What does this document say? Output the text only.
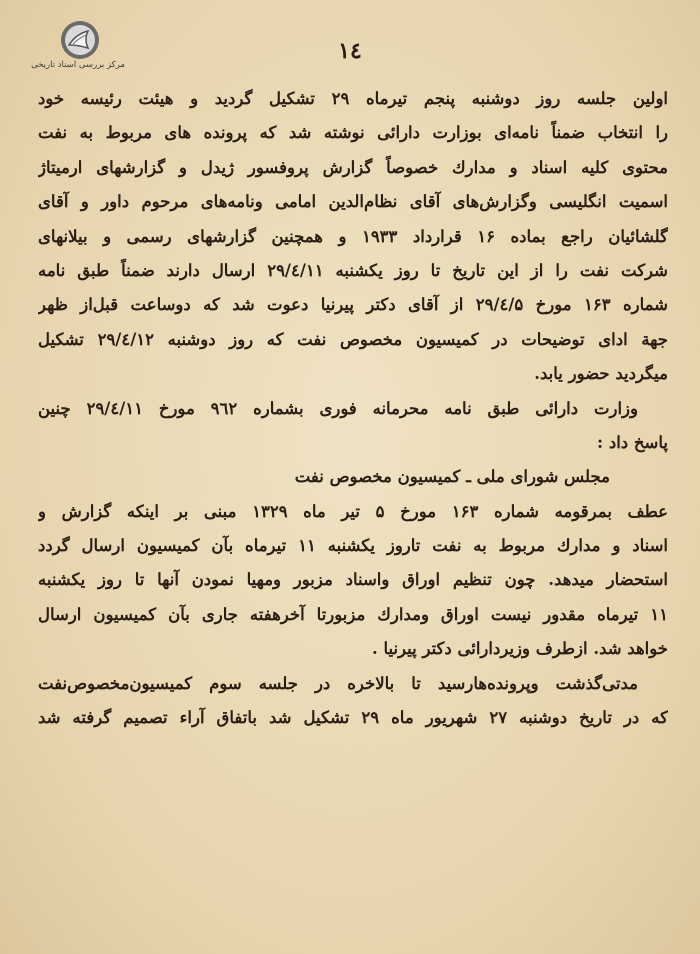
مرکز بررسی اسناد تاریخی
۱٤
اولین جلسه روز دوشنبه پنجم تیرماه ۲۹ تشکیل گردید و هیئت رئیسه خود
را انتخاب ضمناً نامه‌ای بوزارت دارائی نوشته شد که پرونده های مربوط به نفت
محتوی کلیه اسناد و مدارك خصوصاً گزارش پروفسور ژیدل و گزارشهای ارمیتاژ
اسمیت انگلیسی وگزارش‌های آقای نظام‌الدین امامی ونامه‌های مرحوم داور و آقای
گلشائیان راجع بماده ۱۶ قرارداد ۱۹۳۳ و همچنین گزارشهای رسمی و بیلانهای
شرکت نفت را از این تاریخ تا روز یکشنبه ۲۹/٤/۱۱ ارسال دارند ضمناً طبق نامه
شماره ۱۶۳ مورخ ۲۹/٤/۵ از آقای دکتر پیرنیا دعوت شد که دوساعت قبل‌از ظهر
جهة ادای توضیحات در کمیسیون مخصوص نفت که روز دوشنبه ۲۹/٤/۱۲ تشکیل
میگردید حضور یابد.
وزارت دارائی طبق نامه محرمانه فوری بشماره ۹٦۲ مورخ ۲۹/٤/۱۱ چنین
پاسخ داد :
مجلس شورای ملی ـ کمیسیون مخصوص نفت
عطف بمرقومه شماره ۱۶۳ مورخ ۵ تیر ماه ۱۳۲۹ مبنی بر اینکه گزارش و
اسناد و مدارك مربوط به نفت تاروز یکشنبه ۱۱ تیرماه بآن کمیسیون ارسال گردد
استحضار میدهد. چون تنظیم اوراق واسناد مزبور ومهیا نمودن آنها تا روز یکشنبه
۱۱ تیرماه مقدور نیست اوراق ومدارك مزبورتا آخرهفته جاری بآن کمیسیون ارسال
خواهد شد. ازطرف وزیردارائی دکتر پیرنیا .
مدتی‌گذشت وپرونده‌هارسید تا بالاخره در جلسه سوم کمیسیون‌مخصوص‌نفت
که در تاریخ دوشنبه ۲۷ شهریور ماه ۲۹ تشکیل شد باتفاق آراء تصمیم گرفته شد
